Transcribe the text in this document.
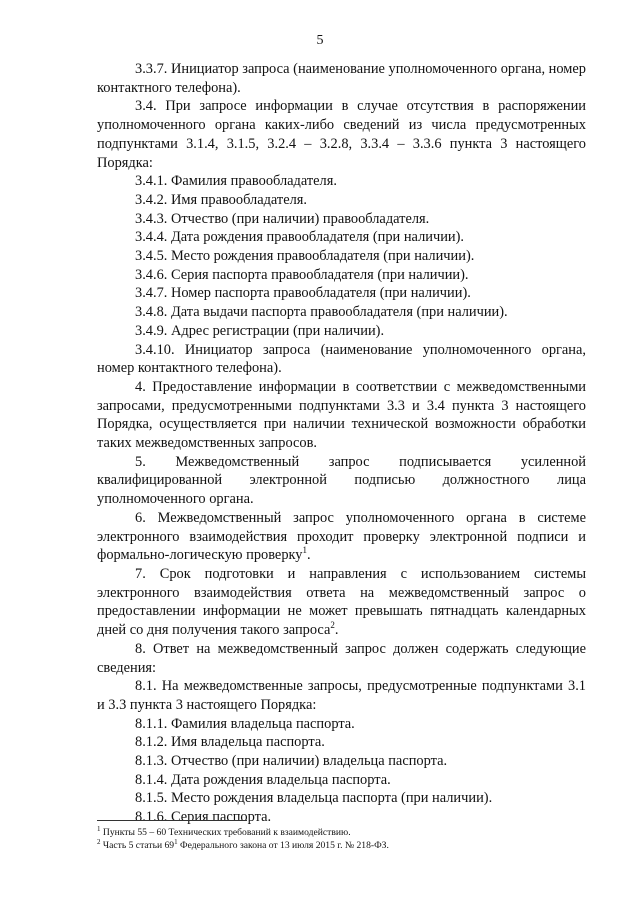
5

3.3.7. Инициатор запроса (наименование уполномоченного органа, номер контактного телефона).

3.4. При запросе информации в случае отсутствия в распоряжении уполномоченного органа каких-либо сведений из числа предусмотренных подпунктами 3.1.4, 3.1.5, 3.2.4 – 3.2.8, 3.3.4 – 3.3.6 пункта 3 настоящего Порядка:

3.4.1. Фамилия правообладателя.

3.4.2. Имя правообладателя.

3.4.3. Отчество (при наличии) правообладателя.

3.4.4. Дата рождения правообладателя (при наличии).

3.4.5. Место рождения правообладателя (при наличии).

3.4.6. Серия паспорта правообладателя (при наличии).

3.4.7. Номер паспорта правообладателя (при наличии).

3.4.8. Дата выдачи паспорта правообладателя (при наличии).

3.4.9. Адрес регистрации (при наличии).

3.4.10. Инициатор запроса (наименование уполномоченного органа, номер контактного телефона).

4. Предоставление информации в соответствии с межведомственными запросами, предусмотренными подпунктами 3.3 и 3.4 пункта 3 настоящего Порядка, осуществляется при наличии технической возможности обработки таких межведомственных запросов.

5. Межведомственный запрос подписывается усиленной квалифицированной электронной подписью должностного лица уполномоченного органа.

6. Межведомственный запрос уполномоченного органа в системе электронного взаимодействия проходит проверку электронной подписи и формально-логическую проверку$^1$.

7. Срок подготовки и направления с использованием системы электронного взаимодействия ответа на межведомственный запрос о предоставлении информации не может превышать пятнадцать календарных дней со дня получения такого запроса$^2$.

8. Ответ на межведомственный запрос должен содержать следующие сведения:

8.1. На межведомственные запросы, предусмотренные подпунктами 3.1 и 3.3 пункта 3 настоящего Порядка:

8.1.1. Фамилия владельца паспорта.

8.1.2. Имя владельца паспорта.

8.1.3. Отчество (при наличии) владельца паспорта.

8.1.4. Дата рождения владельца паспорта.

8.1.5. Место рождения владельца паспорта (при наличии).

8.1.6. Серия паспорта.

$^1$ Пункты 55 – 60 Технических требований к взаимодействию.

$^2$ Часть 5 статьи $69^1$ Федерального закона от 13 июля 2015 г. № 218-ФЗ.
